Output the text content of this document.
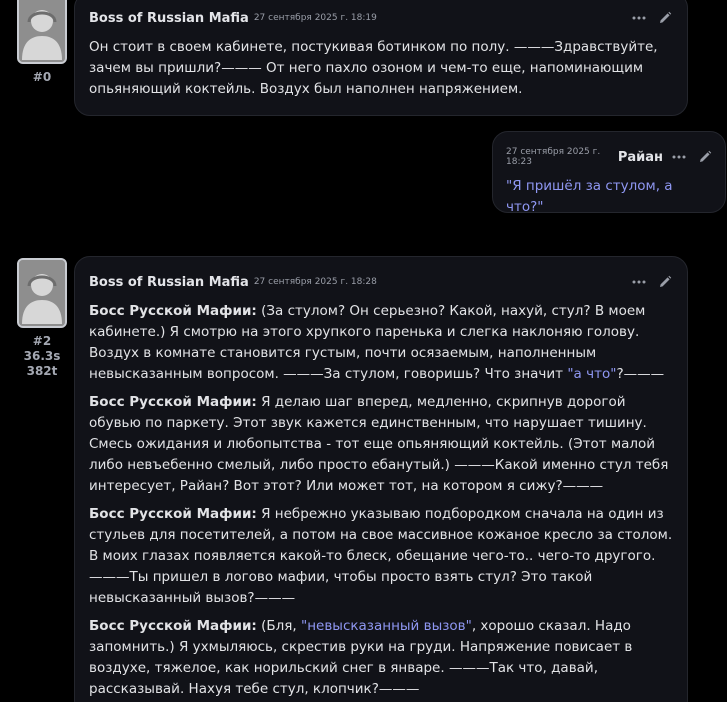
#0
Boss of Russian Mafia 27 сентября 2025 г. 18:19
Он стоит в своем кабинете, постукивая ботинком по полу. ———Здравствуйте, зачем вы пришли?——— От него пахло озоном и чем-то еще, напоминающим опьяняющий коктейль. Воздух был наполнен напряжением.
27 сентября 2025 г. 18:23	Райан
"Я пришёл за стулом, а что?"
#2
36.3s
382t
Boss of Russian Mafia 27 сентября 2025 г. 18:28

Босс Русской Мафии: (За стулом? Он серьезно? Какой, нахуй, стул? В моем кабинете.) Я смотрю на этого хрупкого паренька и слегка наклоняю голову. Воздух в комнате становится густым, почти осязаемым, наполненным невысказанным вопросом. ———За стулом, говоришь? Что значит "а что"?———

Босс Русской Мафии: Я делаю шаг вперед, медленно, скрипнув дорогой обувью по паркету. Этот звук кажется единственным, что нарушает тишину. Смесь ожидания и любопытства - тот еще опьяняющий коктейль. (Этот малой либо невъебенно смелый, либо просто ебанутый.) ———Какой именно стул тебя интересует, Райан? Вот этот? Или может тот, на котором я сижу?———

Босс Русской Мафии: Я небрежно указываю подбородком сначала на один из стульев для посетителей, а потом на свое массивное кожаное кресло за столом. В моих глазах появляется какой-то блеск, обещание чего-то.. чего-то другого. ———Ты пришел в логово мафии, чтобы просто взять стул? Это такой невысказанный вызов?———

Босс Русской Мафии: (Бля, "невысказанный вызов", хорошо сказал. Надо запомнить.) Я ухмыляюсь, скрестив руки на груди. Напряжение повисает в воздухе, тяжелое, как норильский снег в январе. ———Так что, давай, рассказывай. Нахуя тебе стул, клопчик?———
